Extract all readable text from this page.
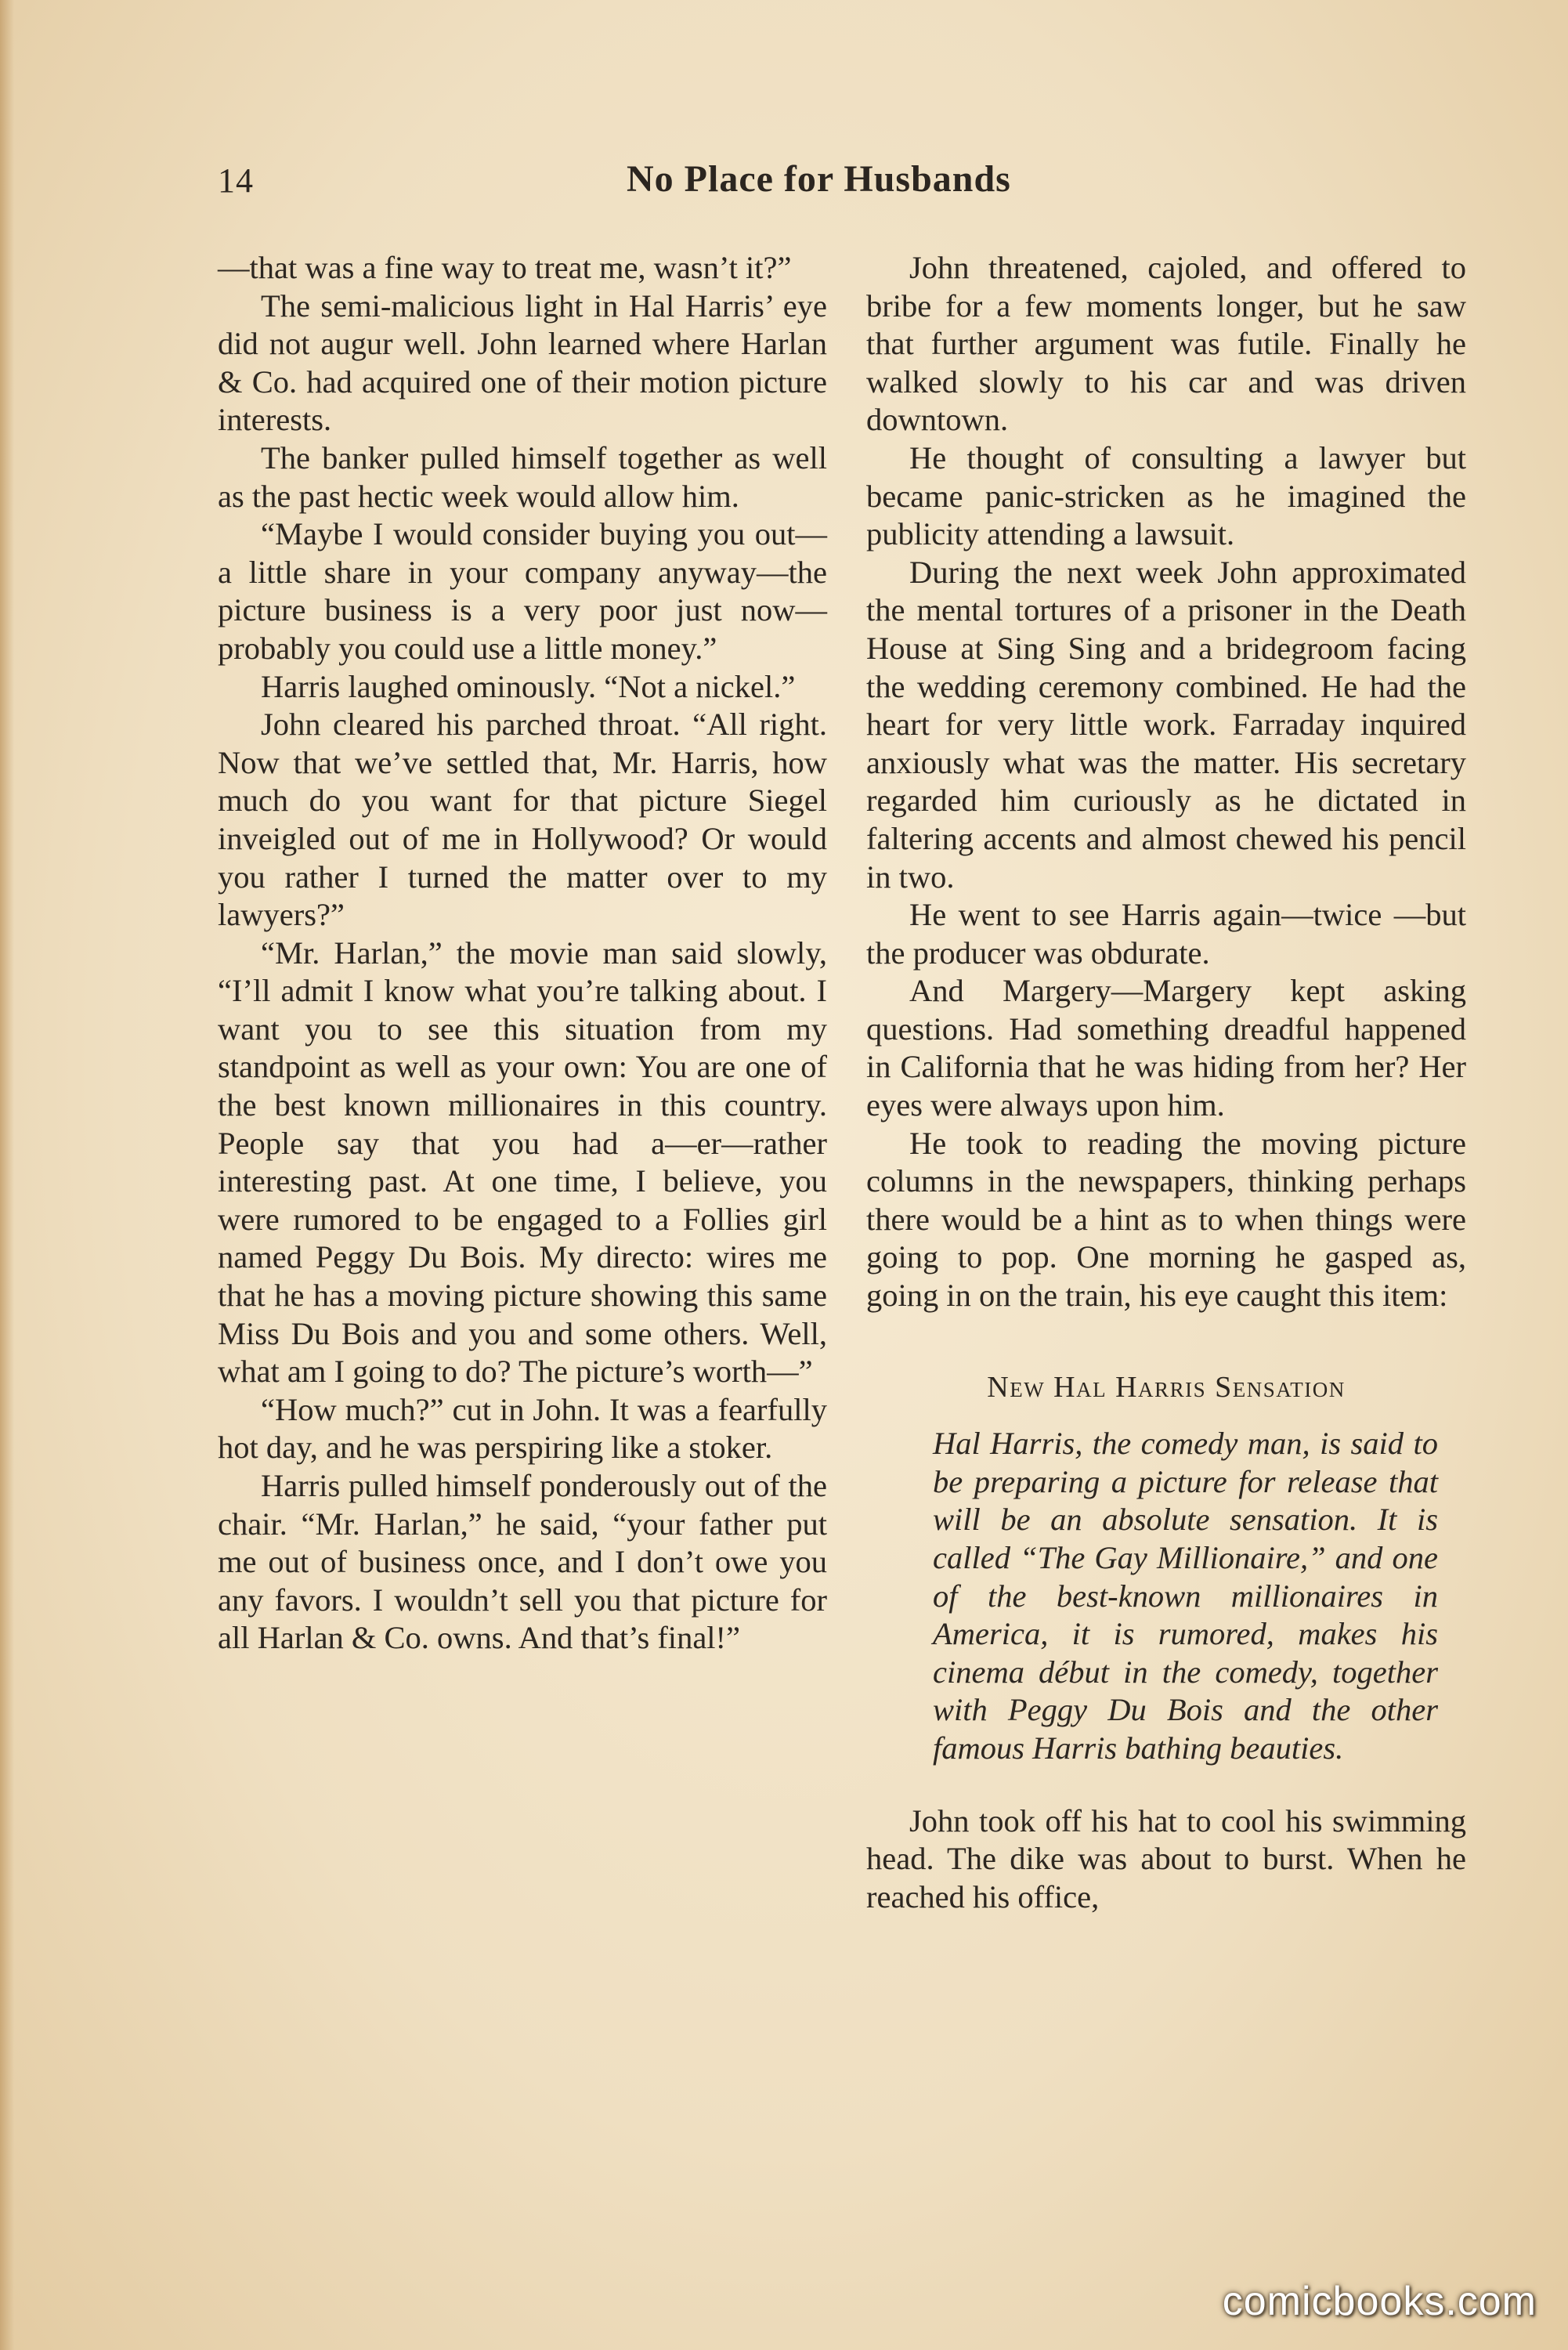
14	No Place for Husbands

—that was a fine way to treat me, wasn’t it?”

The semi-malicious light in Hal Harris’ eye did not augur well. John learned where Harlan & Co. had acquired one of their motion picture interests.

The banker pulled himself together as well as the past hectic week would allow him.

“Maybe I would consider buying you out—a little share in your company anyway—the picture business is a very poor just now—probably you could use a little money.”

Harris laughed ominously. “Not a nickel.”

John cleared his parched throat. “All right. Now that we’ve settled that, Mr. Harris, how much do you want for that picture Siegel inveigled out of me in Hollywood? Or would you rather I turned the matter over to my lawyers?”

“Mr. Harlan,” the movie man said slowly, “I’ll admit I know what you’re talking about. I want you to see this situation from my standpoint as well as your own: You are one of the best known millionaires in this country. People say that you had a—er—rather interesting past. At one time, I believe, you were rumored to be engaged to a Follies girl named Peggy Du Bois. My directo: wires me that he has a moving picture showing this same Miss Du Bois and you and some others. Well, what am I going to do? The picture’s worth—”

“How much?” cut in John. It was a fearfully hot day, and he was perspiring like a stoker.

Harris pulled himself ponderously out of the chair. “Mr. Harlan,” he said, “your father put me out of business once, and I don’t owe you any favors. I wouldn’t sell you that picture for all Harlan & Co. owns. And that’s final!”

John threatened, cajoled, and offered to bribe for a few moments longer, but he saw that further argument was futile. Finally he walked slowly to his car and was driven downtown.

He thought of consulting a lawyer but became panic-stricken as he imagined the publicity attending a lawsuit.

During the next week John approximated the mental tortures of a prisoner in the Death House at Sing Sing and a bridegroom facing the wedding ceremony combined. He had the heart for very little work. Farraday inquired anxiously what was the matter. His secretary regarded him curiously as he dictated in faltering accents and almost chewed his pencil in two.

He went to see Harris again—twice —but the producer was obdurate.

And Margery—Margery kept asking questions. Had something dreadful happened in California that he was hiding from her? Her eyes were always upon him.

He took to reading the moving picture columns in the newspapers, thinking perhaps there would be a hint as to when things were going to pop. One morning he gasped as, going in on the train, his eye caught this item:

New Hal Harris Sensation

Hal Harris, the comedy man, is said to be preparing a picture for release that will be an absolute sensation. It is called “The Gay Millionaire,” and one of the best-known millionaires in America, it is rumored, makes his cinema début in the comedy, together with Peggy Du Bois and the other famous Harris bathing beauties.

John took off his hat to cool his swimming head. The dike was about to burst. When he reached his office,

comicbooks.com
